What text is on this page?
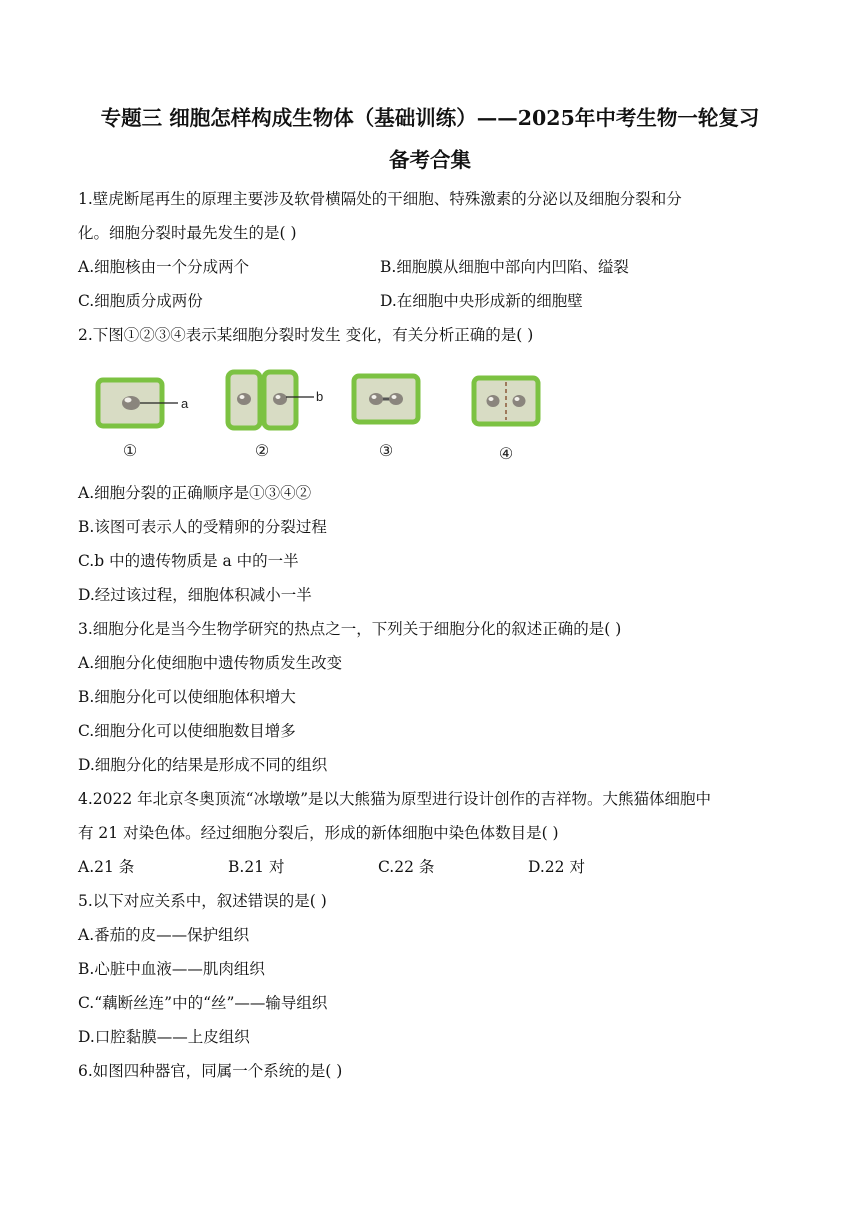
专题三 细胞怎样构成生物体（基础训练）——2025年中考生物一轮复习
备考合集
1.壁虎断尾再生的原理主要涉及软骨横隔处的干细胞、特殊激素的分泌以及细胞分裂和分
化。细胞分裂时最先发生的是( )
A.细胞核由一个分成两个	B.细胞膜从细胞中部向内凹陷、缢裂
C.细胞质分成两份	D.在细胞中央形成新的细胞壁
2.下图①②③④表示某细胞分裂时发生 变化，有关分析正确的是( )
a
①
b
②	③	④
A.细胞分裂的正确顺序是①③④②
B.该图可表示人的受精卵的分裂过程
C.b 中的遗传物质是 a 中的一半
D.经过该过程，细胞体积减小一半
3.细胞分化是当今生物学研究的热点之一，下列关于细胞分化的叙述正确的是( )
A.细胞分化使细胞中遗传物质发生改变
B.细胞分化可以使细胞体积增大
C.细胞分化可以使细胞数目增多
D.细胞分化的结果是形成不同的组织
4.2022 年北京冬奥顶流“冰墩墩”是以大熊猫为原型进行设计创作的吉祥物。大熊猫体细胞中
有 21 对染色体。经过细胞分裂后，形成的新体细胞中染色体数目是( )
A.21 条	B.21 对	C.22 条	D.22 对
5.以下对应关系中，叙述错误的是( )
A.番茄的皮——保护组织
B.心脏中血液——肌肉组织
C.“藕断丝连”中的“丝”——输导组织
D.口腔黏膜——上皮组织
6.如图四种器官，同属一个系统的是( )
